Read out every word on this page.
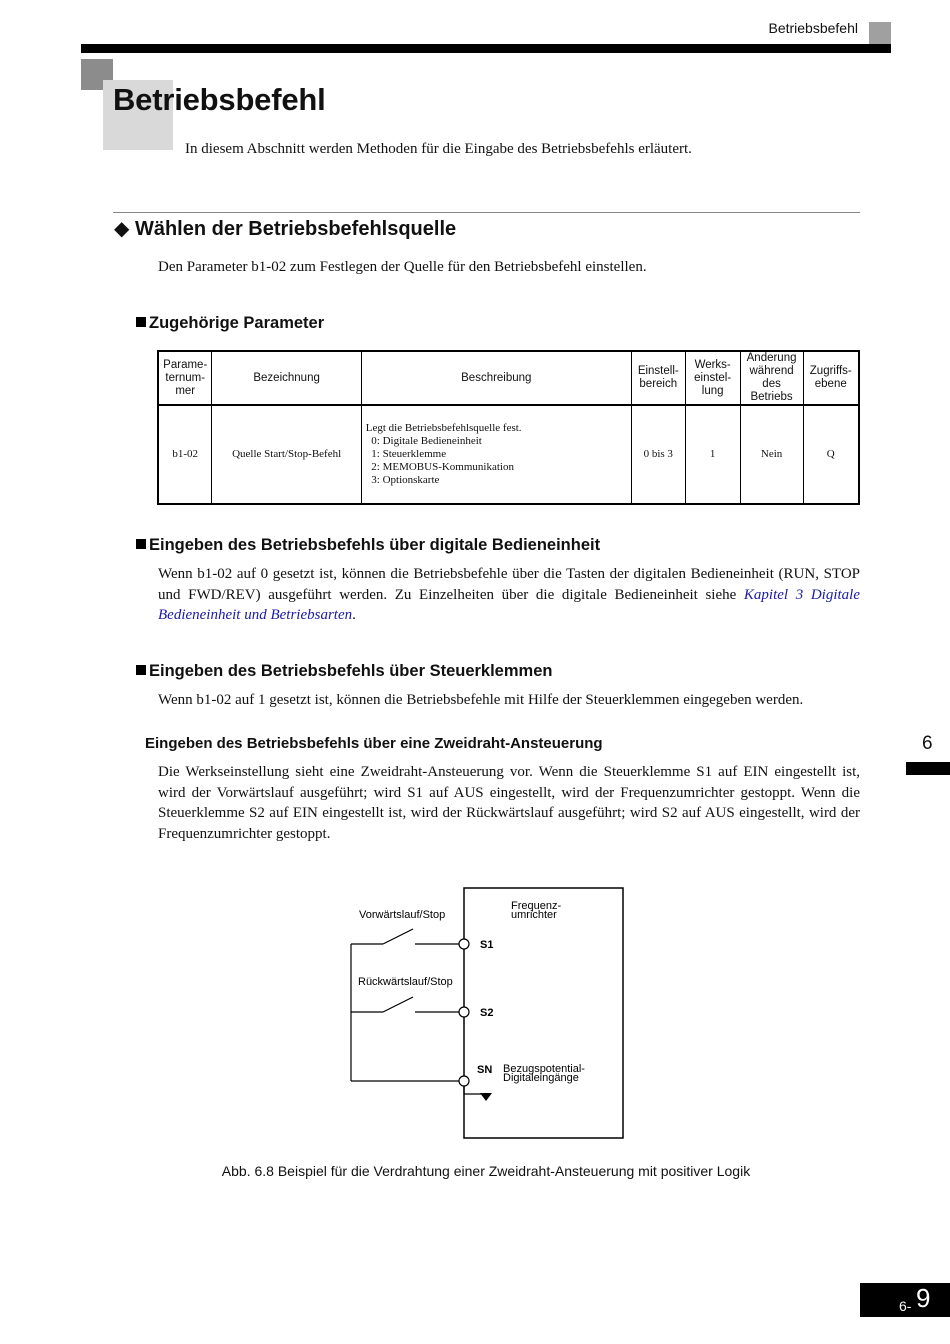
Betriebsbefehl
Betriebsbefehl
In diesem Abschnitt werden Methoden für die Eingabe des Betriebsbefehls erläutert.
◆ Wählen der Betriebsbefehlsquelle
Den Parameter b1-02 zum Festlegen der Quelle für den Betriebsbefehl einstellen.
Zugehörige Parameter
Parame-
ternum-
mer	Bezeichnung	Beschreibung	Einstell-
bereich	Werks-
einstel-
lung	Änderung
während
des
Betriebs	Zugriffs-
ebene
b1-02	Quelle Start/Stop-Befehl	Legt die Betriebsbefehlsquelle fest.
0: Digitale Bedieneinheit
1: Steuerklemme
2: MEMOBUS-Kommunikation
3: Optionskarte	0 bis 3	1	Nein	Q
Eingeben des Betriebsbefehls über digitale Bedieneinheit
Wenn b1-02 auf 0 gesetzt ist, können die Betriebsbefehle über die Tasten der digitalen Bedieneinheit (RUN, STOP und FWD/REV) ausgeführt werden. Zu Einzelheiten über die digitale Bedieneinheit siehe Kapitel 3 Digitale Bedieneinheit und Betriebsarten.
Eingeben des Betriebsbefehls über Steuerklemmen
Wenn b1-02 auf 1 gesetzt ist, können die Betriebsbefehle mit Hilfe der Steuerklemmen eingegeben werden.
Eingeben des Betriebsbefehls über eine Zweidraht-Ansteuerung
Die Werkseinstellung sieht eine Zweidraht-Ansteuerung vor. Wenn die Steuerklemme S1 auf EIN eingestellt ist, wird der Vorwärtslauf ausgeführt; wird S1 auf AUS eingestellt, wird der Frequenzumrichter gestoppt. Wenn die Steuerklemme S2 auf EIN eingestellt ist, wird der Rückwärtslauf ausgeführt; wird S2 auf AUS eingestellt, wird der Frequenzumrichter gestoppt.
6
Frequenz-
umrichter
Vorwärtslauf/Stop
S1
Rückwärtslauf/Stop
S2
SN Bezugspotential-
Digitaleingänge
Abb. 6.8 Beispiel für die Verdrahtung einer Zweidraht-Ansteuerung mit positiver Logik
6- 9
